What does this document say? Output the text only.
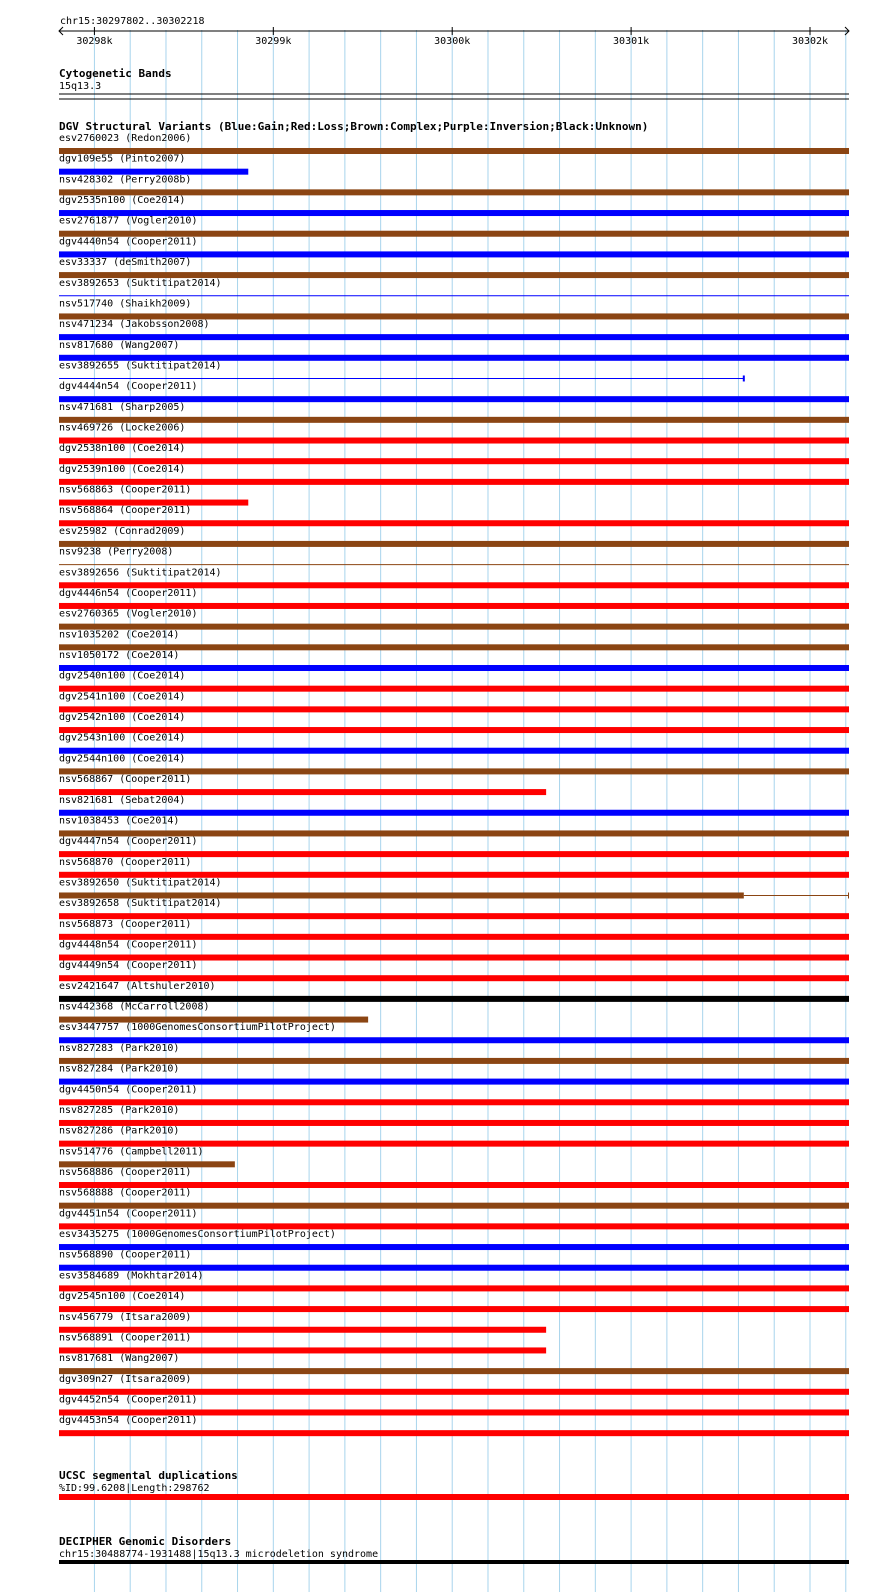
chr15:30297802..30302218
30298k	30299k	30300k	30301k	30302k
Cytogenetic Bands
15q13.3
DGV Structural Variants (Blue:Gain;Red:Loss;Brown:Complex;Purple:Inversion;Black:Unknown)
esv2760023 (Redon2006)
dgv109e55 (Pinto2007)
nsv428302 (Perry2008b)
dgv2535n100 (Coe2014)
esv2761877 (Vogler2010)
dgv4440n54 (Cooper2011)
esv33337 (deSmith2007)
esv3892653 (Suktitipat2014)
nsv517740 (Shaikh2009)
nsv471234 (Jakobsson2008)
nsv817680 (Wang2007)
esv3892655 (Suktitipat2014)
dgv4444n54 (Cooper2011)
nsv471681 (Sharp2005)
nsv469726 (Locke2006)
dgv2538n100 (Coe2014)
dgv2539n100 (Coe2014)
nsv568863 (Cooper2011)
nsv568864 (Cooper2011)
esv25982 (Conrad2009)
nsv9238 (Perry2008)
esv3892656 (Suktitipat2014)
dgv4446n54 (Cooper2011)
esv2760365 (Vogler2010)
nsv1035202 (Coe2014)
nsv1050172 (Coe2014)
dgv2540n100 (Coe2014)
dgv2541n100 (Coe2014)
dgv2542n100 (Coe2014)
dgv2543n100 (Coe2014)
dgv2544n100 (Coe2014)
nsv568867 (Cooper2011)
nsv821681 (Sebat2004)
nsv1038453 (Coe2014)
dgv4447n54 (Cooper2011)
nsv568870 (Cooper2011)
esv3892650 (Suktitipat2014)
esv3892658 (Suktitipat2014)
nsv568873 (Cooper2011)
dgv4448n54 (Cooper2011)
dgv4449n54 (Cooper2011)
esv2421647 (Altshuler2010)
nsv442368 (McCarroll2008)
esv3447757 (1000GenomesConsortiumPilotProject)
nsv827283 (Park2010)
nsv827284 (Park2010)
dgv4450n54 (Cooper2011)
nsv827285 (Park2010)
nsv827286 (Park2010)
nsv514776 (Campbell2011)
nsv568886 (Cooper2011)
nsv568888 (Cooper2011)
dgv4451n54 (Cooper2011)
esv3435275 (1000GenomesConsortiumPilotProject)
nsv568890 (Cooper2011)
esv3584689 (Mokhtar2014)
dgv2545n100 (Coe2014)
nsv456779 (Itsara2009)
nsv568891 (Cooper2011)
nsv817681 (Wang2007)
dgv309n27 (Itsara2009)
dgv4452n54 (Cooper2011)
dgv4453n54 (Cooper2011)
UCSC segmental duplications
%ID:99.6208|Length:298762
DECIPHER Genomic Disorders
chr15:30488774-1931488|15q13.3 microdeletion syndrome
